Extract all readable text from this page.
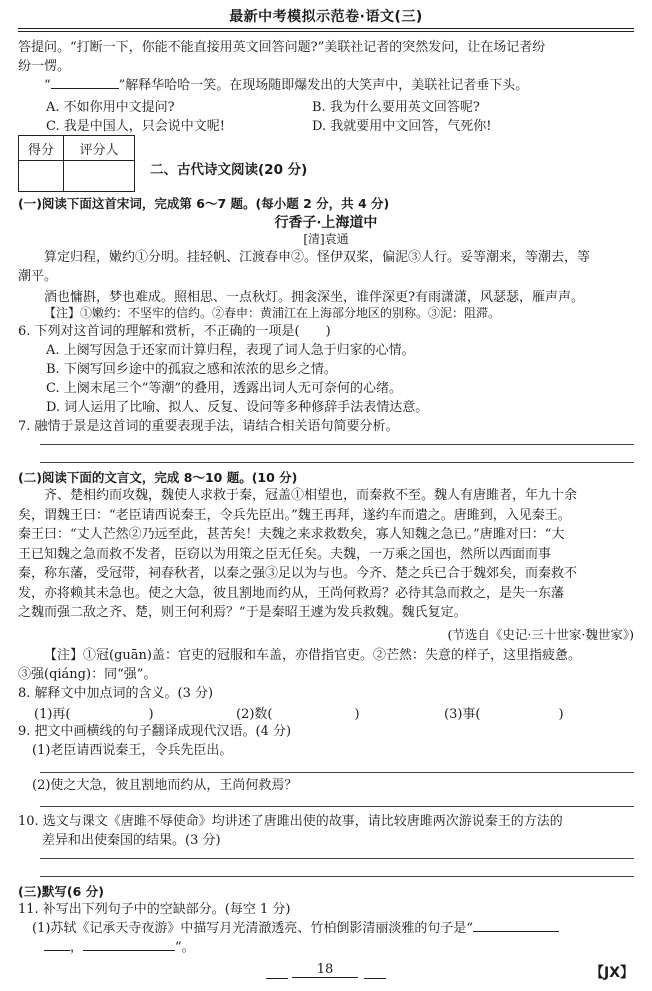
最新中考模拟示范卷·语文(三)

答提问。“打断一下，你能不能直接用英文回答问题?”美联社记者的突然发问，让在场记者纷

纷一愣。

“	”解释华哈哈一笑。在现场随即爆发出的大笑声中，美联社记者垂下头。

A. 不如你用中文提问?	B. 我为什么要用英文回答呢?
C. 我是中国人，只会说中文呢!	D. 我就要用中文回答，气死你!
得分	评分人

二、古代诗文阅读(20 分)
(一)阅读下面这首宋词，完成第 6～7 题。(每小题 2 分，共 4 分)
行香子·上海道中
[清]袁通

算定归程，嫩约①分明。挂轻帆、江渡春申②。怪伊双桨，偏泥③人行。妥等潮来，等潮去，等

潮平。

酒也慵斟，梦也难成。照相思、一点秋灯。拥衾深坐，谁伴深更?有雨潇潇，风瑟瑟，雁声声。

【注】①嫩约：不坚牢的信约。②春申：黄浦江在上海部分地区的别称。③泥：阻滞。

6. 下列对这首词的理解和赏析，不正确的一项是(　　)

A. 上阕写因急于还家而计算归程，表现了词人急于归家的心情。

B. 下阕写回乡途中的孤寂之感和浓浓的思乡之情。

C. 上阕末尾三个“等潮”的叠用，透露出词人无可奈何的心绪。

D. 词人运用了比喻、拟人、反复、设问等多种修辞手法表情达意。

7. 融情于景是这首词的重要表现手法，请结合相关语句简要分析。

(二)阅读下面的文言文，完成 8～10 题。(10 分)

齐、楚相约而攻魏，魏使人求救于秦，冠盖①相望也，而秦救不至。魏人有唐雎者，年九十余

矣，谓魏王曰：“老臣请西说秦王，令兵先臣出。”魏王再拜，遂约车而遣之。唐雎到，入见秦王。

秦王曰：“丈人芒然②乃远至此，甚苦矣！夫魏之来求救数矣，寡人知魏之急已。”唐雎对曰：“大

王已知魏之急而救不发者，臣窃以为用策之臣无任矣。夫魏，一万乘之国也，然所以西面而事

秦，称东藩，受冠带，祠春秋者，以秦之强③足以为与也。今齐、楚之兵已合于魏郊矣，而秦救不

发，亦将赖其未急也。使之大急，彼且割地而约从，王尚何救焉？必待其急而救之，是失一东藩

之魏而强二敌之齐、楚，则王何利焉？”于是秦昭王遽为发兵救魏。魏氏复定。

(节选自《史记·三十世家·魏世家》)

【注】①冠(guān)盖：官吏的冠服和车盖，亦借指官吏。②芒然：失意的样子，这里指疲惫。

③强(qiáng)：同“强”。

8. 解释文中加点词的含义。(3 分)

(1)再(	)	(2)数(	)	(3)事(	)

9. 把文中画横线的句子翻译成现代汉语。(4 分)

(1)老臣请西说秦王，令兵先臣出。

(2)使之大急，彼且割地而约从，王尚何救焉？

10. 选文与课文《唐雎不辱使命》均讲述了唐雎出使的故事，请比较唐雎两次游说秦王的方法的

差异和出使秦国的结果。(3 分)

(三)默写(6 分)

11. 补写出下列句子中的空缺部分。(每空 1 分)

(1)苏轼《记承天寺夜游》中描写月光清澈透亮、竹柏倒影清丽淡雅的句子是“

，	”。

18	【JX】
